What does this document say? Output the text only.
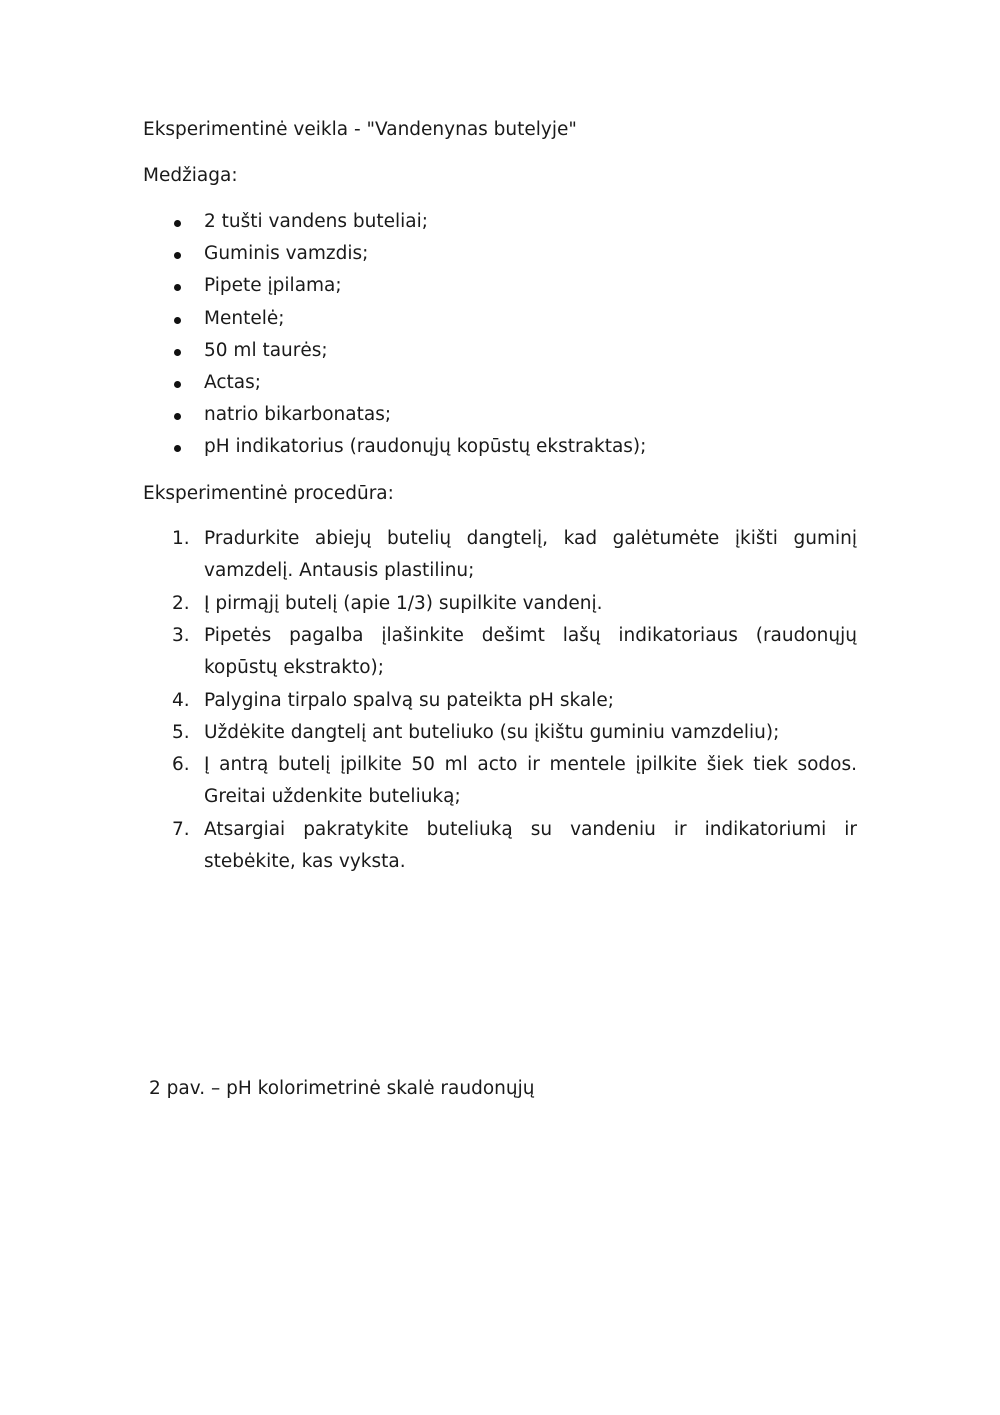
Eksperimentinė veikla - "Vandenynas butelyje"
Medžiaga:
2 tušti vandens buteliai;
Guminis vamzdis;
Pipete įpilama;
Mentelė;
50 ml taurės;
Actas;
natrio bikarbonatas;
pH indikatorius (raudonųjų kopūstų ekstraktas);
Eksperimentinė procedūra:
1. Pradurkite abiejų butelių dangtelį, kad galėtumėte įkišti guminį vamzdelį. Antausis plastilinu;
2. Į pirmąjį butelį (apie 1/3) supilkite vandenį.
3. Pipetės pagalba įlašinkite dešimt lašų indikatoriaus (raudonųjų kopūstų ekstrakto);
4. Palygina tirpalo spalvą su pateikta pH skale;
5. Uždėkite dangtelį ant buteliuko (su įkištu guminiu vamzdeliu);
6. Į antrą butelį įpilkite 50 ml acto ir mentele įpilkite šiek tiek sodos. Greitai uždenkite buteliuką;
7. Atsargiai pakratykite buteliuką su vandeniu ir indikatoriumi ir stebėkite, kas vyksta.
2 pav. – pH kolorimetrinė skalė raudonųjų
